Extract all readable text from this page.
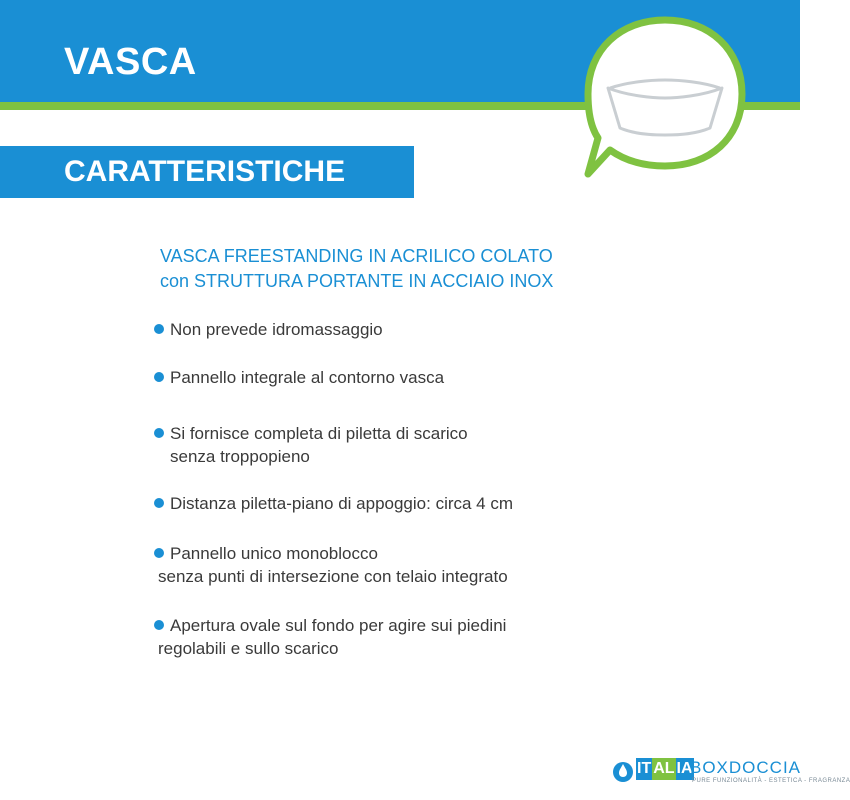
VASCA
CARATTERISTICHE
VASCA FREESTANDING IN ACRILICO COLATO
con STRUTTURA PORTANTE IN ACCIAIO INOX
Non prevede idromassaggio
Pannello integrale al contorno vasca
Si fornisce completa di piletta di scarico
senza troppopieno
Distanza piletta-piano di appoggio: circa 4 cm
Pannello unico monoblocco
senza punti di intersezione con telaio integrato
Apertura ovale sul fondo per agire sui piedini
regolabili e sullo scarico
IT AL IA
BOXDOCCIA
PURE FUNZIONALITÀ - ESTETICA - FRAGRANZA
